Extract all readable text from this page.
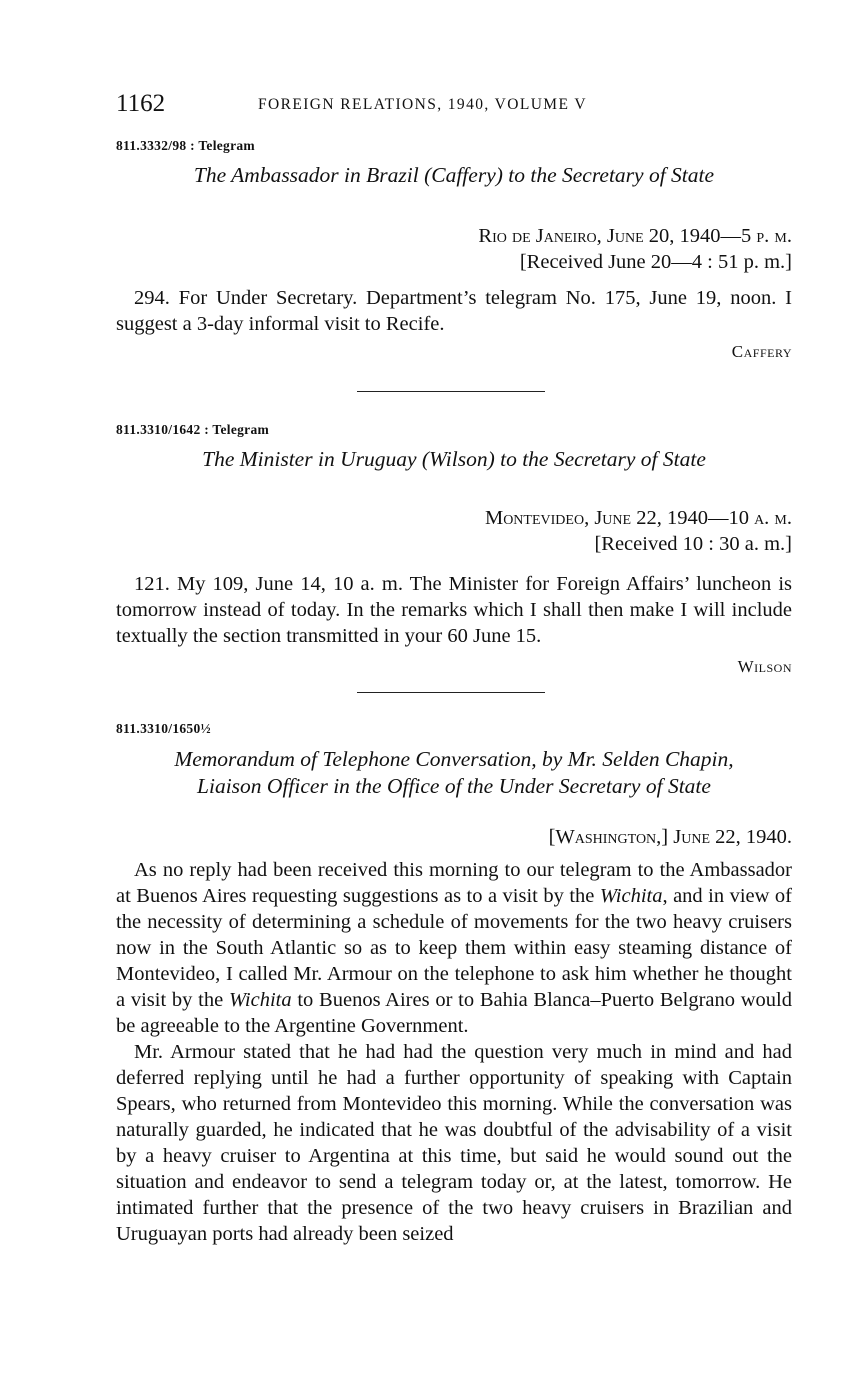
1162	FOREIGN RELATIONS, 1940, VOLUME V
811.3332/98 : Telegram
The Ambassador in Brazil (Caffery) to the Secretary of State
Rio de Janeiro, June 20, 1940—5 p. m.
[Received June 20—4 : 51 p. m.]

294. For Under Secretary. Department’s telegram No. 175, June 19, noon. I suggest a 3-day informal visit to Recife.

Caffery
811.3310/1642 : Telegram
The Minister in Uruguay (Wilson) to the Secretary of State
Montevideo, June 22, 1940—10 a. m.
[Received 10 : 30 a. m.]

121. My 109, June 14, 10 a. m. The Minister for Foreign Affairs’ luncheon is tomorrow instead of today. In the remarks which I shall then make I will include textually the section transmitted in your 60 June 15.

Wilson
811.3310/1650½
Memorandum of Telephone Conversation, by Mr. Selden Chapin,
Liaison Officer in the Office of the Under Secretary of State
[Washington,] June 22, 1940.

As no reply had been received this morning to our telegram to the Ambassador at Buenos Aires requesting suggestions as to a visit by the Wichita, and in view of the necessity of determining a schedule of movements for the two heavy cruisers now in the South Atlantic so as to keep them within easy steaming distance of Montevideo, I called Mr. Armour on the telephone to ask him whether he thought a visit by the Wichita to Buenos Aires or to Bahia Blanca–Puerto Belgrano would be agreeable to the Argentine Government.

Mr. Armour stated that he had had the question very much in mind and had deferred replying until he had a further opportunity of speaking with Captain Spears, who returned from Montevideo this morning. While the conversation was naturally guarded, he indicated that he was doubtful of the advisability of a visit by a heavy cruiser to Argentina at this time, but said he would sound out the situation and endeavor to send a telegram today or, at the latest, tomorrow. He intimated further that the presence of the two heavy cruisers in Brazilian and Uruguayan ports had already been seized
